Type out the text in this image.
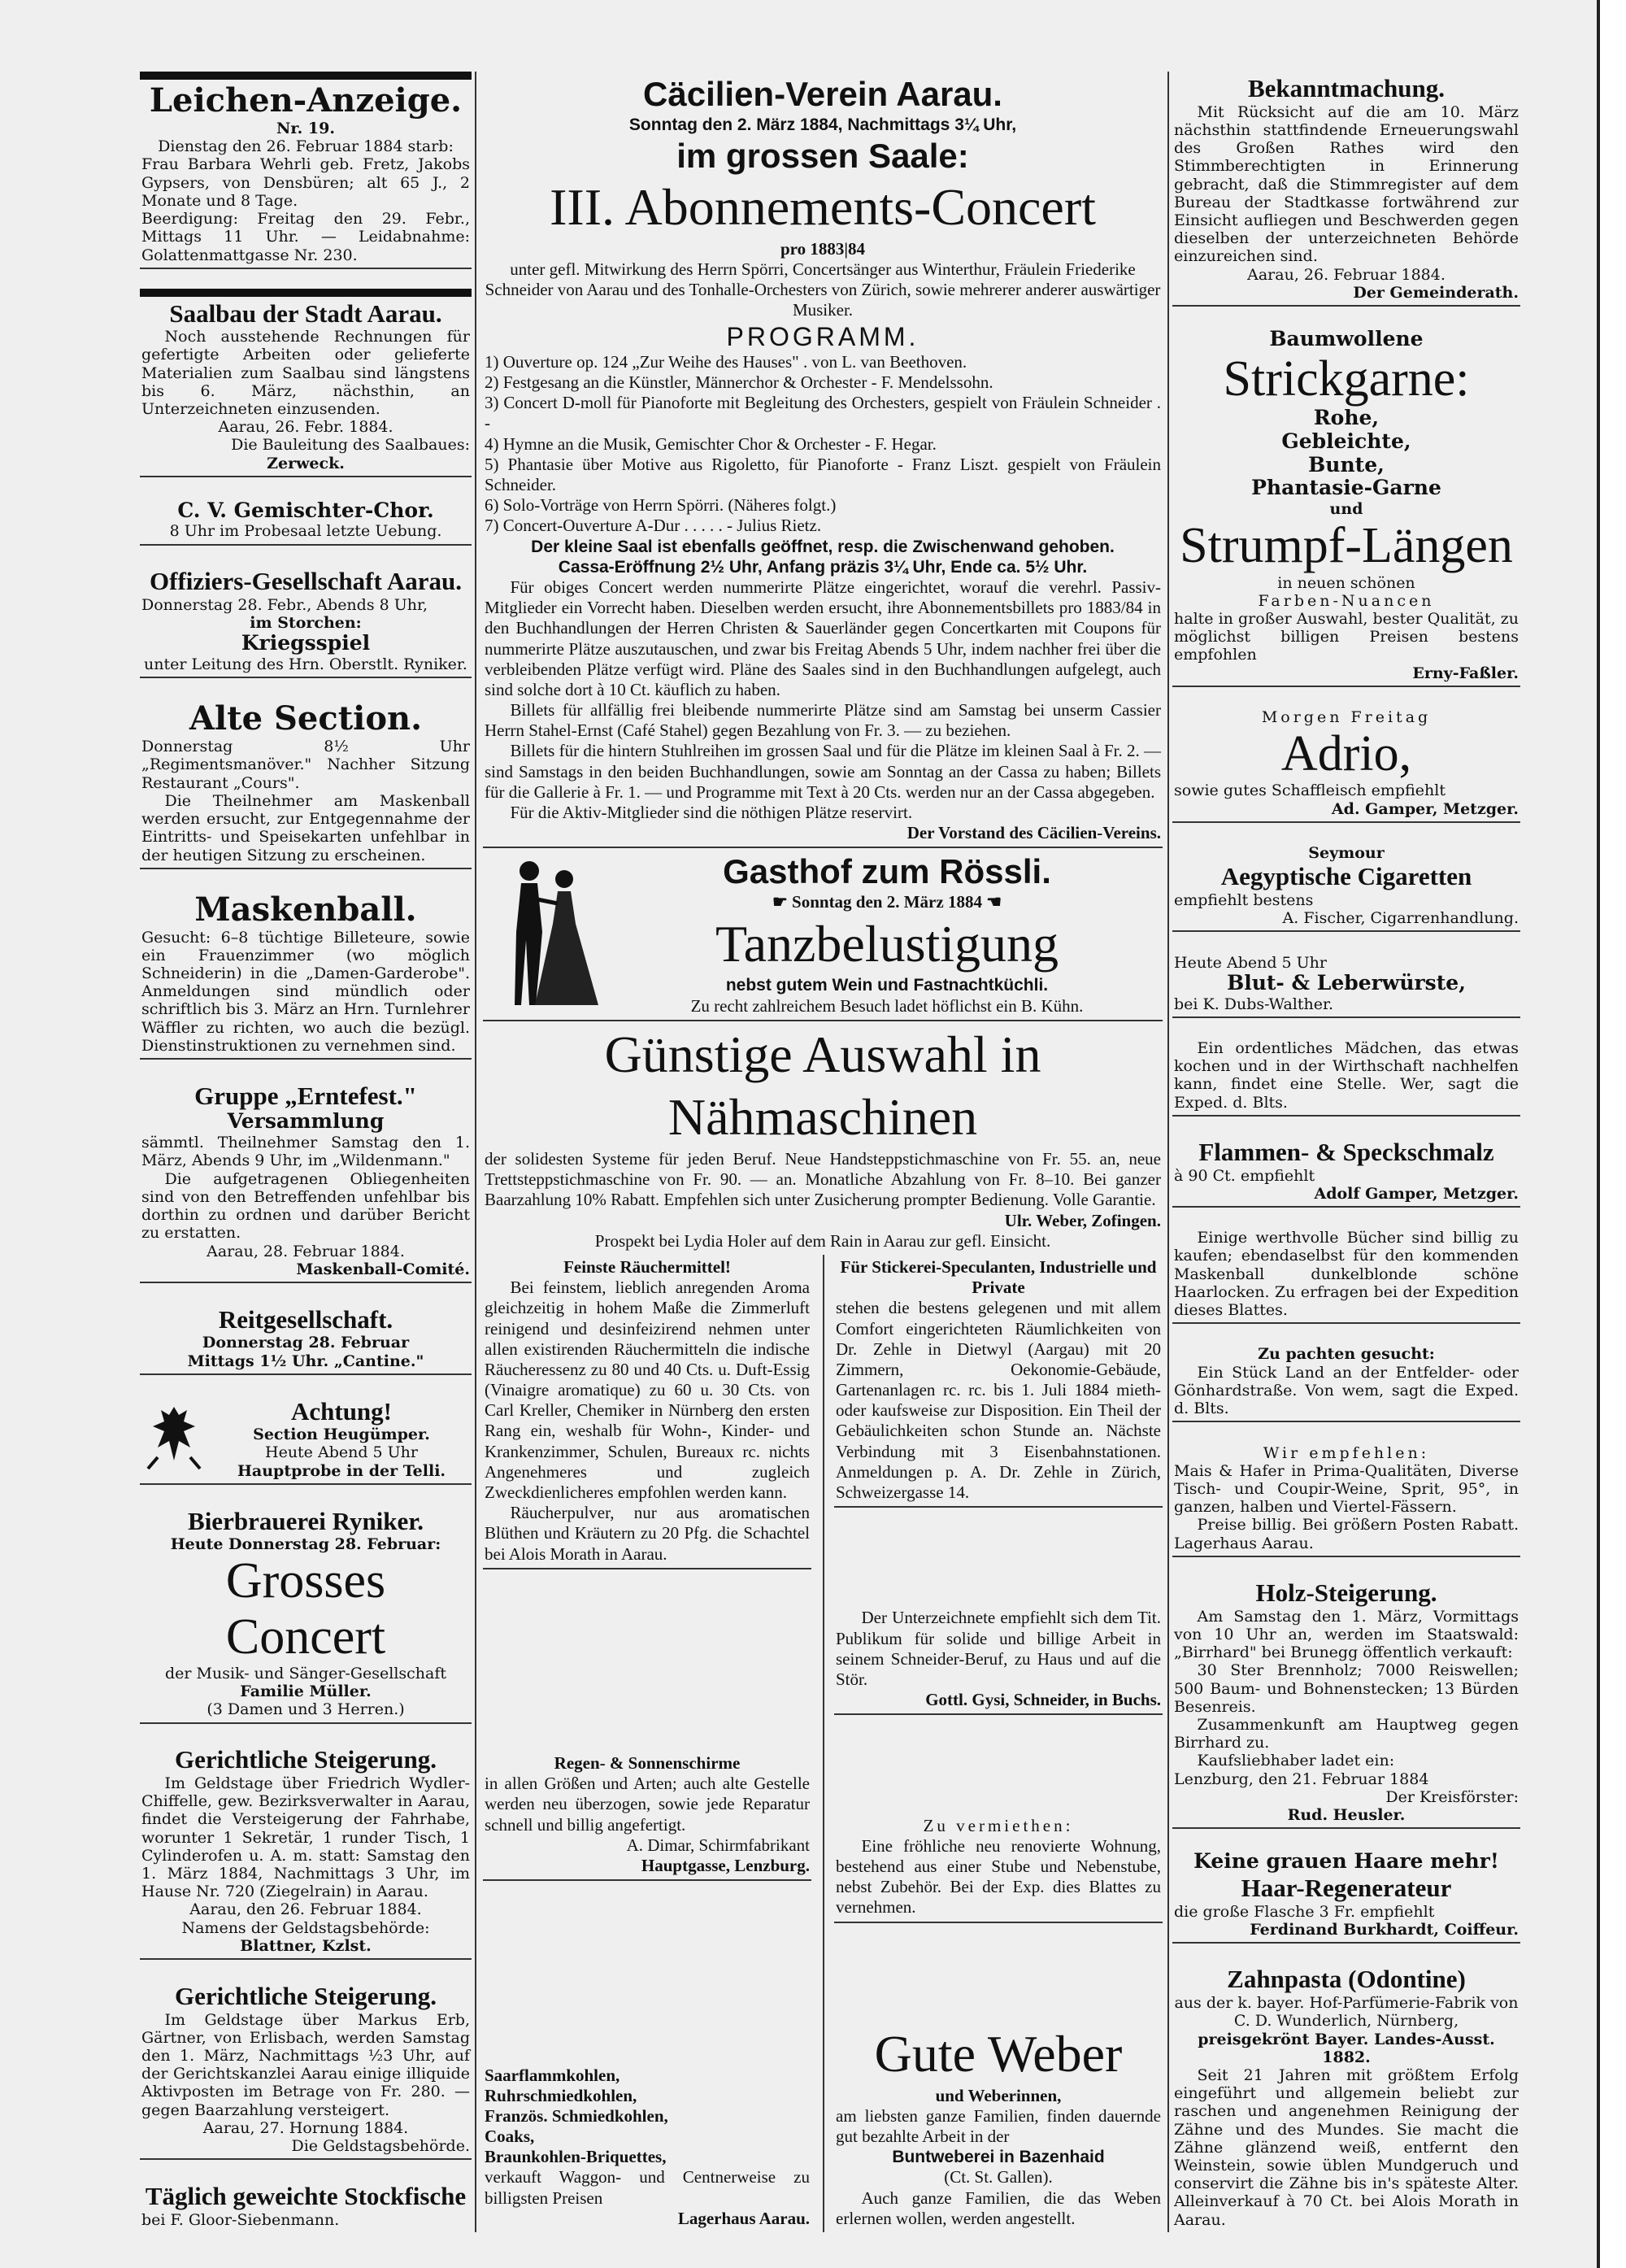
Leichen-Anzeige.
Nr. 19.
Dienstag den 26. Februar 1884 starb:
Frau Barbara Wehrli geb. Fretz, Jakobs Gypsers, von Densbüren; alt 65 J., 2 Monate und 8 Tage.
Beerdigung: Freitag den 29. Febr., Mittags 11 Uhr. — Leidabnahme: Golattenmattgasse Nr. 230.
Saalbau der Stadt Aarau.
Noch ausstehende Rechnungen für gefertigte Arbeiten oder gelieferte Materialien zum Saalbau sind längstens bis 6. März, nächsthin, an Unterzeichneten einzusenden.
Aarau, 26. Febr. 1884.
Die Bauleitung des Saalbaues:
Zerweck.
C. V. Gemischter-Chor.
8 Uhr im Probesaal letzte Uebung.
Offiziers-Gesellschaft Aarau.
Donnerstag 28. Febr., Abends 8 Uhr,
im Storchen:
Kriegsspiel
unter Leitung des Hrn. Oberstlt. Ryniker.
Alte Section.
Donnerstag 8½ Uhr „Regimentsmanöver." Nachher Sitzung Restaurant „Cours".
Die Theilnehmer am Maskenball werden ersucht, zur Entgegennahme der Eintritts- und Speisekarten unfehlbar in der heutigen Sitzung zu erscheinen.
Maskenball.
Gesucht: 6–8 tüchtige Billeteure, sowie ein Frauenzimmer (wo möglich Schneiderin) in die „Damen-Garderobe". Anmeldungen sind mündlich oder schriftlich bis 3. März an Hrn. Turnlehrer Wäffler zu richten, wo auch die bezügl. Dienstinstruktionen zu vernehmen sind.
Gruppe „Erntefest."
Versammlung
sämmtl. Theilnehmer Samstag den 1. März, Abends 9 Uhr, im „Wildenmann."
Die aufgetragenen Obliegenheiten sind von den Betreffenden unfehlbar bis dorthin zu ordnen und darüber Bericht zu erstatten.
Aarau, 28. Februar 1884.
Maskenball-Comité.
Reitgesellschaft.
Donnerstag 28. Februar
Mittags 1½ Uhr. „Cantine."
Achtung!
Section Heugümper.
Heute Abend 5 Uhr
Hauptprobe in der Telli.
Bierbrauerei Ryniker.
Heute Donnerstag 28. Februar:
Grosses Concert
der Musik- und Sänger-Gesellschaft
Familie Müller.
(3 Damen und 3 Herren.)
Gerichtliche Steigerung.
Im Geldstage über Friedrich Wydler-Chiffelle, gew. Bezirksverwalter in Aarau, findet die Versteigerung der Fahrhabe, worunter 1 Sekretär, 1 runder Tisch, 1 Cylinderofen u. A. m. statt: Samstag den 1. März 1884, Nachmittags 3 Uhr, im Hause Nr. 720 (Ziegelrain) in Aarau.
Aarau, den 26. Februar 1884.
Namens der Geldstagsbehörde:
Blattner, Kzlst.
Gerichtliche Steigerung.
Im Geldstage über Markus Erb, Gärtner, von Erlisbach, werden Samstag den 1. März, Nachmittags ½3 Uhr, auf der Gerichtskanzlei Aarau einige illiquide Aktivposten im Betrage von Fr. 280. — gegen Baarzahlung versteigert.
Aarau, 27. Hornung 1884.
Die Geldstagsbehörde.
Täglich geweichte Stockfische
bei F. Gloor-Siebenmann.
Cäcilien-Verein Aarau.
Sonntag den 2. März 1884, Nachmittags 3¼ Uhr,
im grossen Saale:
III. Abonnements-Concert
pro 1883|84
unter gefl. Mitwirkung des Herrn Spörri, Concertsänger aus Winterthur, Fräulein Friederike Schneider von Aarau und des Tonhalle-Orchesters von Zürich, sowie mehrerer anderer auswärtiger Musiker.
PROGRAMM.
1) Ouverture op. 124 „Zur Weihe des Hauses" . von L. van Beethoven.
2) Festgesang an die Künstler, Männerchor & Orchester - F. Mendelssohn.
3) Concert D-moll für Pianoforte mit Begleitung des Orchesters, gespielt von Fräulein Schneider . -
4) Hymne an die Musik, Gemischter Chor & Orchester - F. Hegar.
5) Phantasie über Motive aus Rigoletto, für Pianoforte - Franz Liszt. gespielt von Fräulein Schneider.
6) Solo-Vorträge von Herrn Spörri. (Näheres folgt.)
7) Concert-Ouverture A-Dur . . . . . - Julius Rietz.
Der kleine Saal ist ebenfalls geöffnet, resp. die Zwischenwand gehoben.
Cassa-Eröffnung 2½ Uhr, Anfang präzis 3¼ Uhr, Ende ca. 5½ Uhr.
Für obiges Concert werden nummerirte Plätze eingerichtet, worauf die verehrl. Passiv-Mitglieder ein Vorrecht haben. Dieselben werden ersucht, ihre Abonnementsbillets pro 1883/84 in den Buchhandlungen der Herren Christen & Sauerländer gegen Concertkarten mit Coupons für nummerirte Plätze auszutauschen, und zwar bis Freitag Abends 5 Uhr, indem nachher frei über die verbleibenden Plätze verfügt wird. Pläne des Saales sind in den Buchhandlungen aufgelegt, auch sind solche dort à 10 Ct. käuflich zu haben.
Billets für allfällig frei bleibende nummerirte Plätze sind am Samstag bei unserm Cassier Herrn Stahel-Ernst (Café Stahel) gegen Bezahlung von Fr. 3. — zu beziehen.
Billets für die hintern Stuhlreihen im grossen Saal und für die Plätze im kleinen Saal à Fr. 2. — sind Samstags in den beiden Buchhandlungen, sowie am Sonntag an der Cassa zu haben; Billets für die Gallerie à Fr. 1. — und Programme mit Text à 20 Cts. werden nur an der Cassa abgegeben.
Für die Aktiv-Mitglieder sind die nöthigen Plätze reservirt.
Der Vorstand des Cäcilien-Vereins.
Gasthof zum Rössli.
☛ Sonntag den 2. März 1884 ☚
Tanzbelustigung
nebst gutem Wein und Fastnachtküchli.
Zu recht zahlreichem Besuch ladet höflichst ein B. Kühn.
Günstige Auswahl in Nähmaschinen
der solidesten Systeme für jeden Beruf. Neue Handsteppstichmaschine von Fr. 55. an, neue Trettsteppstichmaschine von Fr. 90. — an. Monatliche Abzahlung von Fr. 8–10. Bei ganzer Baarzahlung 10% Rabatt. Empfehlen sich unter Zusicherung prompter Bedienung. Volle Garantie.
Ulr. Weber, Zofingen.
Prospekt bei Lydia Holer auf dem Rain in Aarau zur gefl. Einsicht.
Feinste Räuchermittel!
Bei feinstem, lieblich anregenden Aroma gleichzeitig in hohem Maße die Zimmerluft reinigend und desinfeizirend nehmen unter allen existirenden Räuchermitteln die indische Räucheressenz zu 80 und 40 Cts. u. Duft-Essig (Vinaigre aromatique) zu 60 u. 30 Cts. von Carl Kreller, Chemiker in Nürnberg den ersten Rang ein, weshalb für Wohn-, Kinder- und Krankenzimmer, Schulen, Bureaux rc. nichts Angenehmeres und zugleich Zweckdienlicheres empfohlen werden kann.
Räucherpulver, nur aus aromatischen Blüthen und Kräutern zu 20 Pfg. die Schachtel bei Alois Morath in Aarau.
Regen- & Sonnenschirme
in allen Größen und Arten; auch alte Gestelle werden neu überzogen, sowie jede Reparatur schnell und billig angefertigt.
A. Dimar, Schirmfabrikant
Hauptgasse, Lenzburg.
Saarflammkohlen,
Ruhrschmiedkohlen,
Französ. Schmiedkohlen,
Coaks,
Braunkohlen-Briquettes,
verkauft Waggon- und Centnerweise zu billigsten Preisen
Lagerhaus Aarau.
Für Stickerei-Speculanten, Industrielle und Private
stehen die bestens gelegenen und mit allem Comfort eingerichteten Räumlichkeiten von Dr. Zehle in Dietwyl (Aargau) mit 20 Zimmern, Oekonomie-Gebäude, Gartenanlagen rc. rc. bis 1. Juli 1884 mieth- oder kaufsweise zur Disposition. Ein Theil der Gebäulichkeiten schon Stunde an. Nächste Verbindung mit 3 Eisenbahnstationen. Anmeldungen p. A. Dr. Zehle in Zürich, Schweizergasse 14.
Der Unterzeichnete empfiehlt sich dem Tit. Publikum für solide und billige Arbeit in seinem Schneider-Beruf, zu Haus und auf die Stör.
Gottl. Gysi, Schneider, in Buchs.
Zu vermiethen:
Eine fröhliche neu renovierte Wohnung, bestehend aus einer Stube und Nebenstube, nebst Zubehör. Bei der Exp. dies Blattes zu vernehmen.
Gute Weber
und Weberinnen,
am liebsten ganze Familien, finden dauernde gut bezahlte Arbeit in der
Buntweberei in Bazenhaid
(Ct. St. Gallen).
Auch ganze Familien, die das Weben erlernen wollen, werden angestellt.
Bekanntmachung.
Mit Rücksicht auf die am 10. März nächsthin stattfindende Erneuerungswahl des Großen Rathes wird den Stimmberechtigten in Erinnerung gebracht, daß die Stimmregister auf dem Bureau der Stadtkasse fortwährend zur Einsicht aufliegen und Beschwerden gegen dieselben der unterzeichneten Behörde einzureichen sind.
Aarau, 26. Februar 1884.
Der Gemeinderath.
Baumwollene
Strickgarne:
Rohe,
Gebleichte,
Bunte,
Phantasie-Garne
und
Strumpf-Längen
in neuen schönen
Farben-Nuancen
halte in großer Auswahl, bester Qualität, zu möglichst billigen Preisen bestens empfohlen
Erny-Faßler.
Morgen Freitag
Adrio,
sowie gutes Schaffleisch empfiehlt
Ad. Gamper, Metzger.
Seymour
Aegyptische Cigaretten
empfiehlt bestens
A. Fischer, Cigarrenhandlung.
Heute Abend 5 Uhr
Blut- & Leberwürste,
bei K. Dubs-Walther.
Ein ordentliches Mädchen, das etwas kochen und in der Wirthschaft nachhelfen kann, findet eine Stelle. Wer, sagt die Exped. d. Blts.
Flammen- & Speckschmalz
à 90 Ct. empfiehlt
Adolf Gamper, Metzger.
Einige werthvolle Bücher sind billig zu kaufen; ebendaselbst für den kommenden Maskenball dunkelblonde schöne Haarlocken. Zu erfragen bei der Expedition dieses Blattes.
Zu pachten gesucht:
Ein Stück Land an der Entfelder- oder Gönhardstraße. Von wem, sagt die Exped. d. Blts.
Wir empfehlen:
Mais & Hafer in Prima-Qualitäten, Diverse Tisch- und Coupir-Weine, Sprit, 95°, in ganzen, halben und Viertel-Fässern.
Preise billig. Bei größern Posten Rabatt. Lagerhaus Aarau.
Holz-Steigerung.
Am Samstag den 1. März, Vormittags von 10 Uhr an, werden im Staatswald: „Birrhard" bei Brunegg öffentlich verkauft:
30 Ster Brennholz; 7000 Reiswellen; 500 Baum- und Bohnenstecken; 13 Bürden Besenreis.
Zusammenkunft am Hauptweg gegen Birrhard zu.
Kaufsliebhaber ladet ein:
Lenzburg, den 21. Februar 1884
Der Kreisförster:
Rud. Heusler.
Keine grauen Haare mehr!
Haar-Regenerateur
die große Flasche 3 Fr. empfiehlt
Ferdinand Burkhardt, Coiffeur.
Zahnpasta (Odontine)
aus der k. bayer. Hof-Parfümerie-Fabrik von C. D. Wunderlich, Nürnberg,
preisgekrönt Bayer. Landes-Ausst. 1882.
Seit 21 Jahren mit größtem Erfolg eingeführt und allgemein beliebt zur raschen und angenehmen Reinigung der Zähne und des Mundes. Sie macht die Zähne glänzend weiß, entfernt den Weinstein, sowie üblen Mundgeruch und conservirt die Zähne bis in's späteste Alter. Alleinverkauf à 70 Ct. bei Alois Morath in Aarau.
